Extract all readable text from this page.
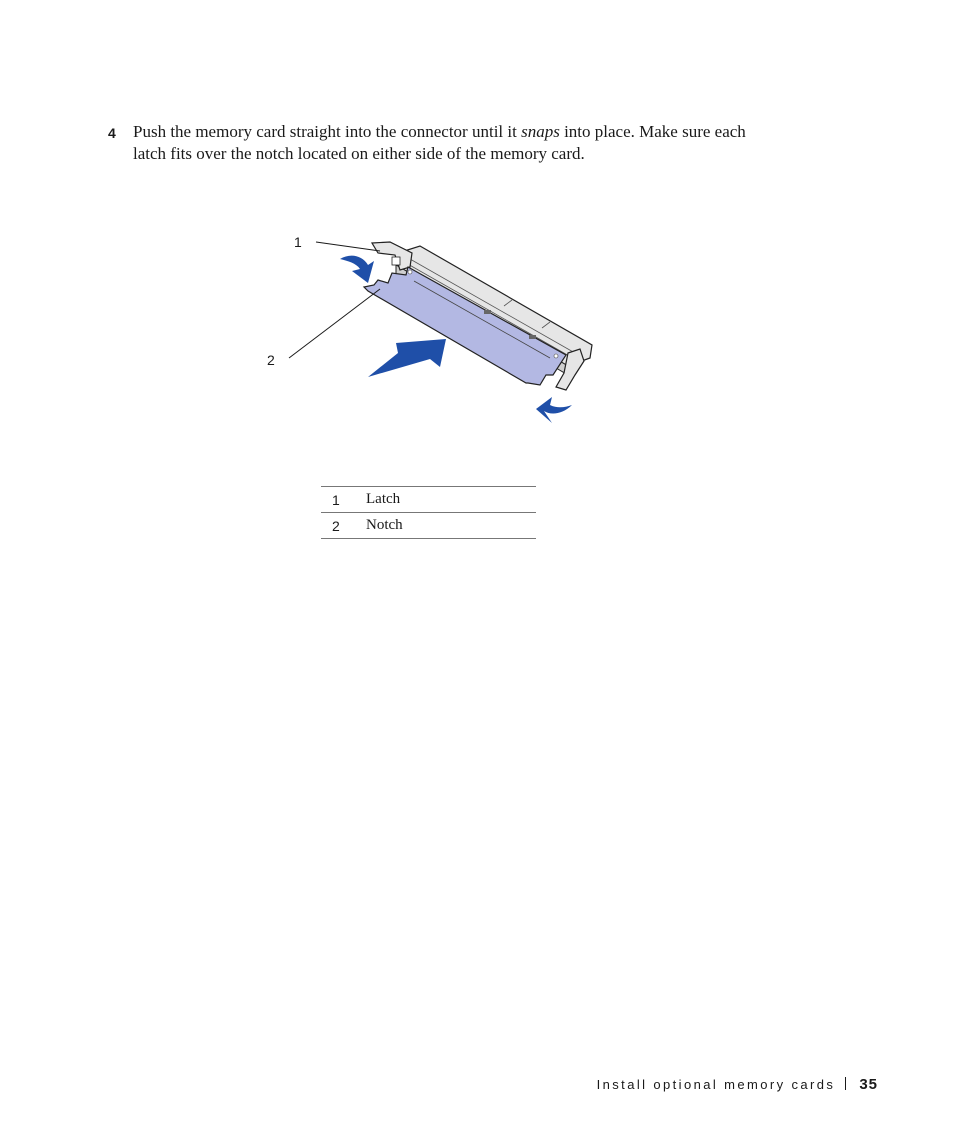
4 Push the memory card straight into the connector until it snaps into place. Make sure each latch fits over the notch located on either side of the memory card.
1
2
1	Latch
2	Notch
Install optional memory cards 35
